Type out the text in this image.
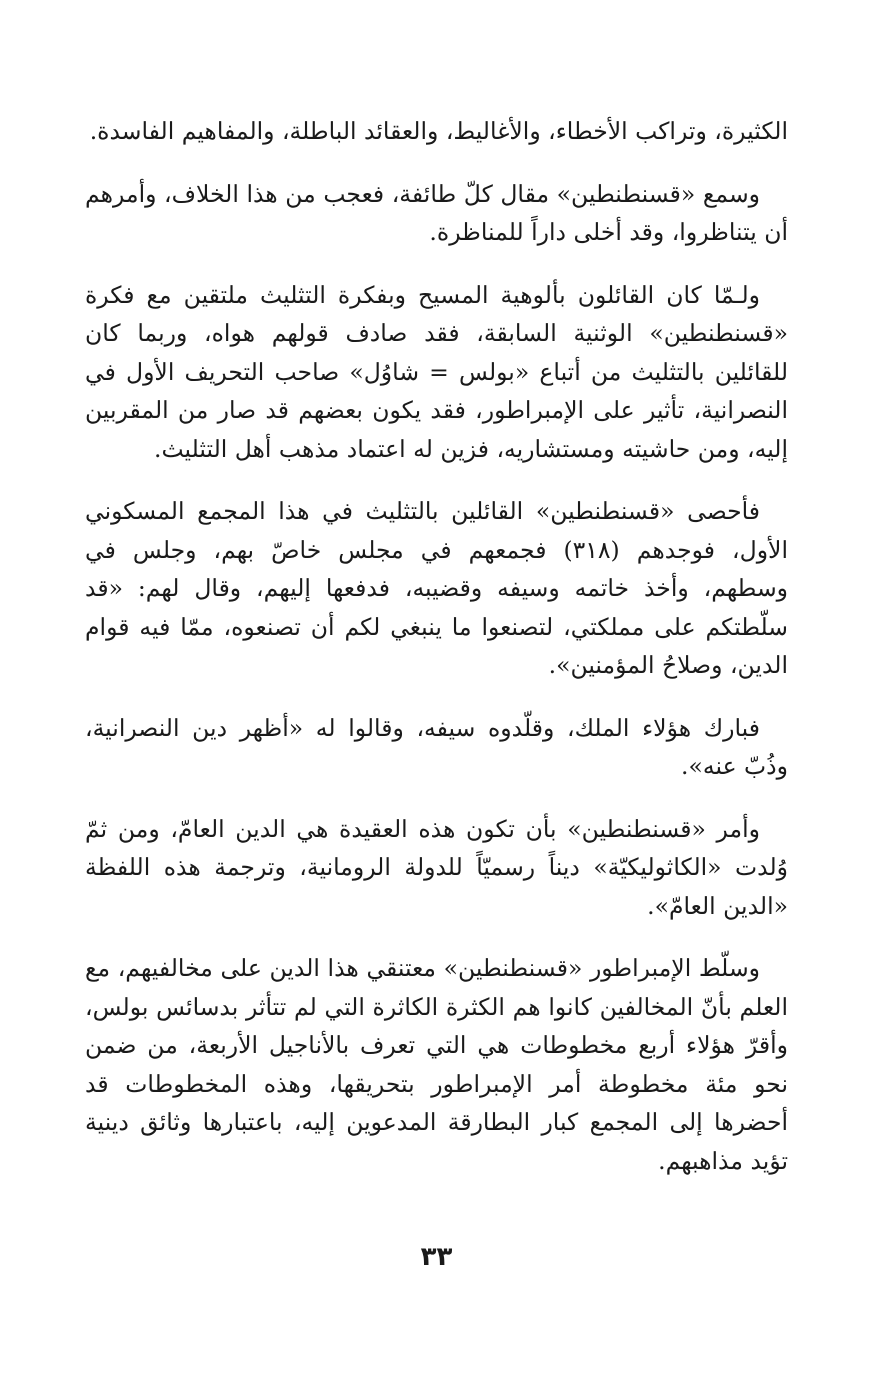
الكثيرة، وتراكب الأخطاء، والأغاليط، والعقائد الباطلة، والمفاهيم الفاسدة.

وسمع «قسنطنطين» مقال كلّ طائفة، فعجب من هذا الخلاف، وأمرهم أن يتناظروا، وقد أخلى داراً للمناظرة.

ولـمّا كان القائلون بألوهية المسيح وبفكرة التثليث ملتقين مع فكرة «قسنطنطين» الوثنية السابقة، فقد صادف قولهم هواه، وربما كان للقائلين بالتثليث من أتباع «بولس = شاوُل» صاحب التحريف الأول في النصرانية، تأثير على الإمبراطور، فقد يكون بعضهم قد صار من المقربين إليه، ومن حاشيته ومستشاريه، فزين له اعتماد مذهب أهل التثليث.

فأحصى «قسنطنطين» القائلين بالتثليث في هذا المجمع المسكوني الأول، فوجدهم (٣١٨) فجمعهم في مجلس خاصّ بهم، وجلس في وسطهم، وأخذ خاتمه وسيفه وقضيبه، فدفعها إليهم، وقال لهم: «قد سلّطتكم على مملكتي، لتصنعوا ما ينبغي لكم أن تصنعوه، ممّا فيه قوام الدين، وصلاحُ المؤمنين».

فبارك هؤلاء الملك، وقلّدوه سيفه، وقالوا له «أظهر دين النصرانية، وذُبّ عنه».

وأمر «قسنطنطين» بأن تكون هذه العقيدة هي الدين العامّ، ومن ثمّ وُلدت «الكاثوليكيّة» ديناً رسميّاً للدولة الرومانية، وترجمة هذه اللفظة «الدين العامّ».

وسلّط الإمبراطور «قسنطنطين» معتنقي هذا الدين على مخالفيهم، مع العلم بأنّ المخالفين كانوا هم الكثرة الكاثرة التي لم تتأثر بدسائس بولس، وأقرّ هؤلاء أربع مخطوطات هي التي تعرف بالأناجيل الأربعة، من ضمن نحو مئة مخطوطة أمر الإمبراطور بتحريقها، وهذه المخطوطات قد أحضرها إلى المجمع كبار البطارقة المدعوين إليه، باعتبارها وثائق دينية تؤيد مذاهبهم.

٣٣
